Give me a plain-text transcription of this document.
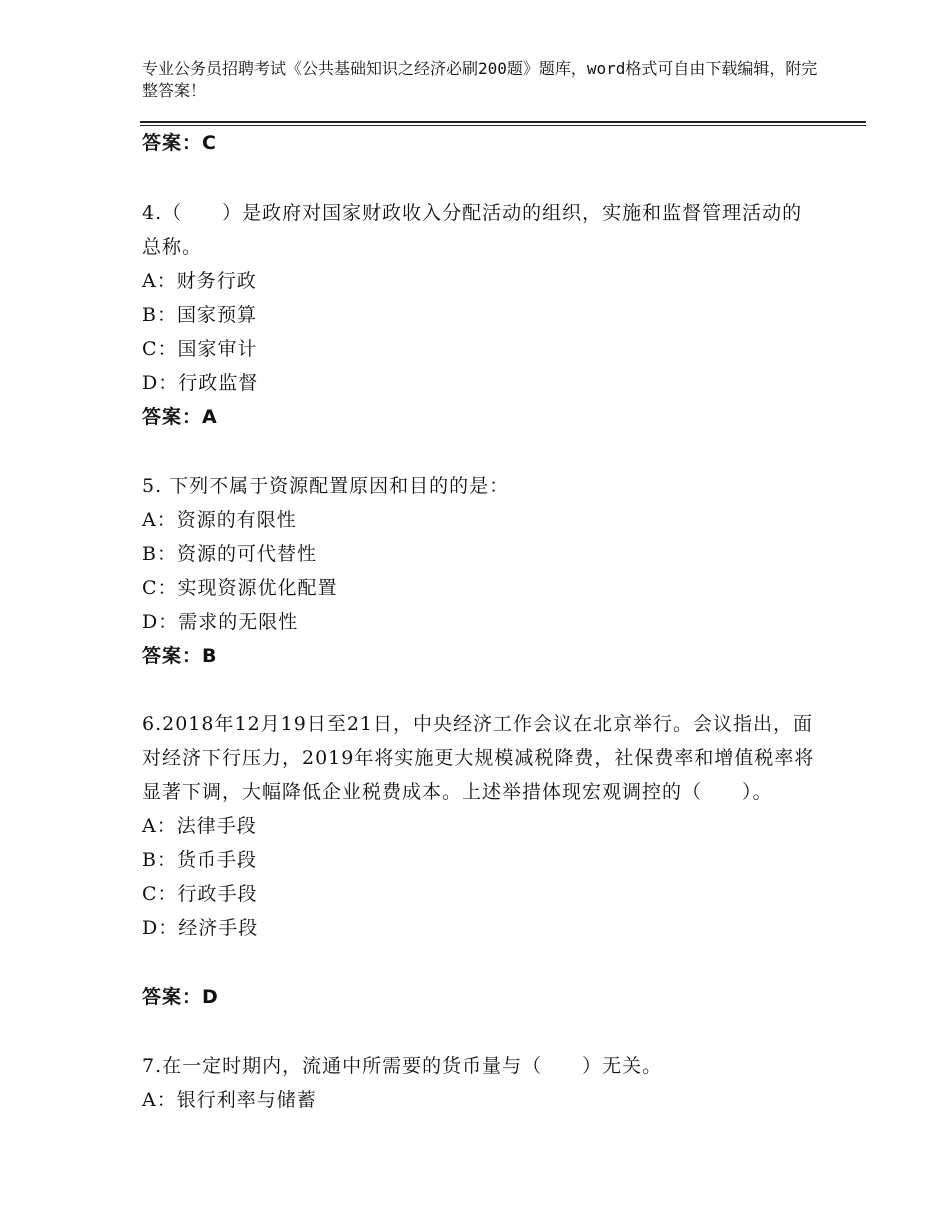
专业公务员招聘考试《公共基础知识之经济必刷200题》题库，word格式可自由下载编辑，附完整答案！
答案：C
4.（　　）是政府对国家财政收入分配活动的组织，实施和监督管理活动的总称。
A：财务行政
B：国家预算
C：国家审计
D：行政监督
答案：A
5. 下列不属于资源配置原因和目的的是：
A：资源的有限性
B：资源的可代替性
C：实现资源优化配置
D：需求的无限性
答案：B
6.2018年12月19日至21日，中央经济工作会议在北京举行。会议指出，面对经济下行压力，2019年将实施更大规模减税降费，社保费率和增值税率将显著下调，大幅降低企业税费成本。上述举措体现宏观调控的（　　）。
A：法律手段
B：货币手段
C：行政手段
D：经济手段
答案：D
7.在一定时期内，流通中所需要的货币量与（　　）无关。
A：银行利率与储蓄
